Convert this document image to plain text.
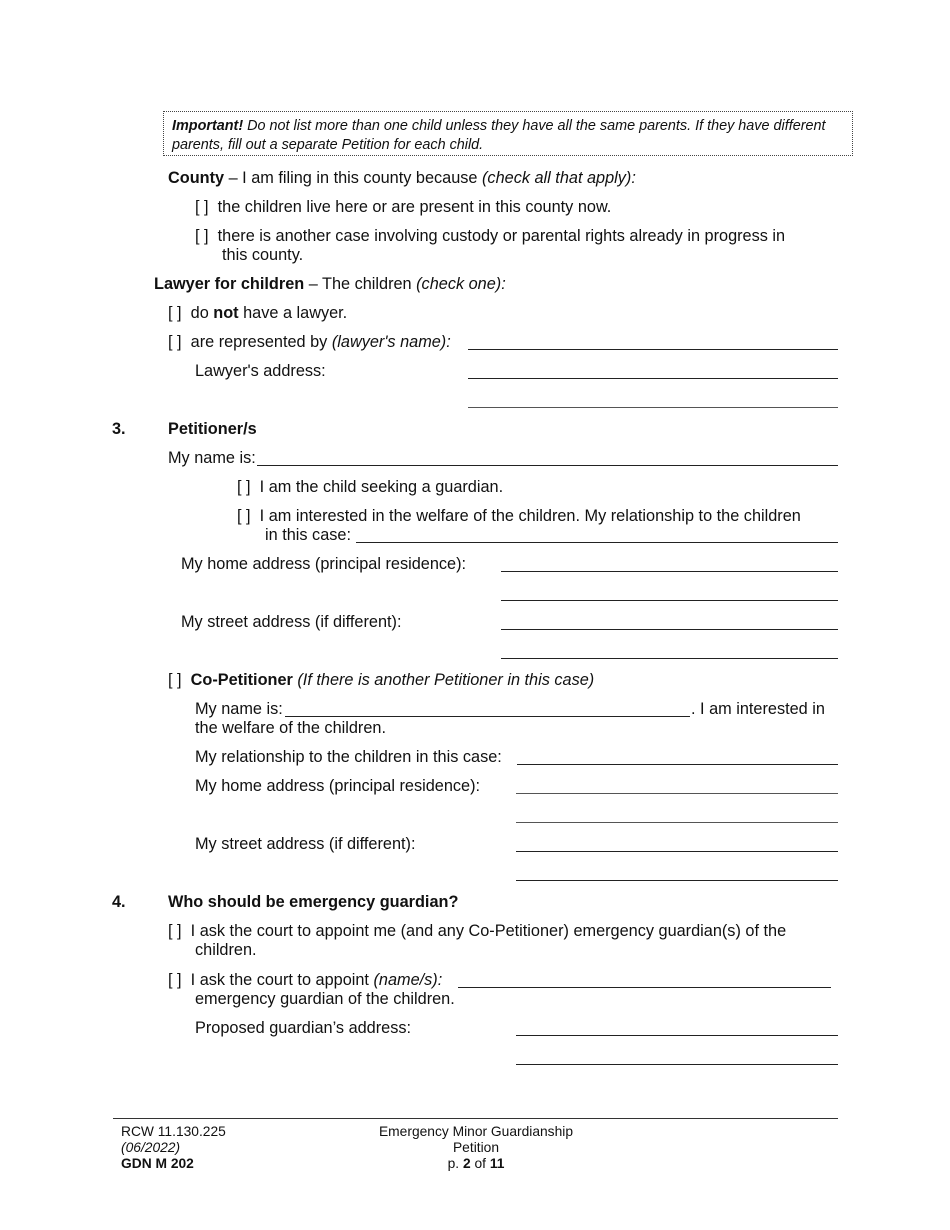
Important! Do not list more than one child unless they have all the same parents. If they have different parents, fill out a separate Petition for each child.
County – I am filing in this county because (check all that apply):
[ ] the children live here or are present in this county now.
[ ] there is another case involving custody or parental rights already in progress in
this county.
Lawyer for children – The children (check one):
[ ] do not have a lawyer.
[ ] are represented by (lawyer's name):
Lawyer's address:
3.	Petitioner/s
My name is:
[ ] I am the child seeking a guardian.
[ ] I am interested in the welfare of the children. My relationship to the children
in this case:
My home address (principal residence):
My street address (if different):
[ ] Co-Petitioner (If there is another Petitioner in this case)
My name is:	. I am interested in
the welfare of the children.
My relationship to the children in this case:
My home address (principal residence):
My street address (if different):
4.	Who should be emergency guardian?
[ ] I ask the court to appoint me (and any Co-Petitioner) emergency guardian(s) of the
children.
[ ] I ask the court to appoint (name/s):
emergency guardian of the children.
Proposed guardian’s address:
RCW 11.130.225
(06/2022)
GDN M 202
Emergency Minor Guardianship
Petition
p. 2 of 11
